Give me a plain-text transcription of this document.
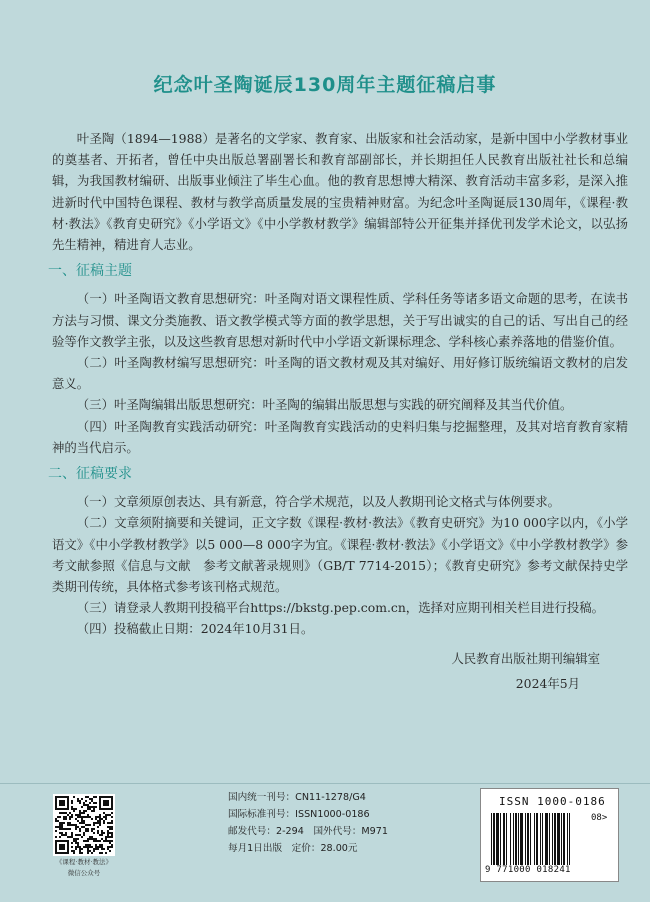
纪念叶圣陶诞辰130周年主题征稿启事

叶圣陶（1894—1988）是著名的文学家、教育家、出版家和社会活动家，是新中国中小学教材事业的奠基者、开拓者，曾任中央出版总署副署长和教育部副部长，并长期担任人民教育出版社社长和总编辑，为我国教材编研、出版事业倾注了毕生心血。他的教育思想博大精深、教育活动丰富多彩，是深入推进新时代中国特色课程、教材与教学高质量发展的宝贵精神财富。为纪念叶圣陶诞辰130周年，《课程·教材·教法》《教育史研究》《小学语文》《中小学教材教学》编辑部特公开征集并择优刊发学术论文，以弘扬先生精神，精进育人志业。

一、征稿主题

（一）叶圣陶语文教育思想研究：叶圣陶对语文课程性质、学科任务等诸多语文命题的思考，在读书方法与习惯、课文分类施教、语文教学模式等方面的教学思想，关于写出诚实的自己的话、写出自己的经验等作文教学主张，以及这些教育思想对新时代中小学语文新课标理念、学科核心素养落地的借鉴价值。

（二）叶圣陶教材编写思想研究：叶圣陶的语文教材观及其对编好、用好修订版统编语文教材的启发意义。

（三）叶圣陶编辑出版思想研究：叶圣陶的编辑出版思想与实践的研究阐释及其当代价值。

（四）叶圣陶教育实践活动研究：叶圣陶教育实践活动的史料归集与挖掘整理，及其对培育教育家精神的当代启示。

二、征稿要求

（一）文章须原创表达、具有新意，符合学术规范，以及人教期刊论文格式与体例要求。

（二）文章须附摘要和关键词，正文字数《课程·教材·教法》《教育史研究》为10 000字以内，《小学语文》《中小学教材教学》以5 000—8 000字为宜。《课程·教材·教法》《小学语文》《中小学教材教学》参考文献参照《信息与文献　参考文献著录规则》（GB/T 7714-2015）；《教育史研究》参考文献保持史学类期刊传统，具体格式参考该刊格式规范。

（三）请登录人教期刊投稿平台https://bkstg.pep.com.cn，选择对应期刊相关栏目进行投稿。

（四）投稿截止日期：2024年10月31日。

人民教育出版社期刊编辑室

2024年5月

《课程·教材·教法》
微信公众号
国内统一刊号：CN11-1278/G4
国际标准刊号：ISSN1000-0186
邮发代号：2-294　国外代号：M971
每月1日出版　定价：28.00元
ISSN 1000-0186
08>
9 771000 018241
